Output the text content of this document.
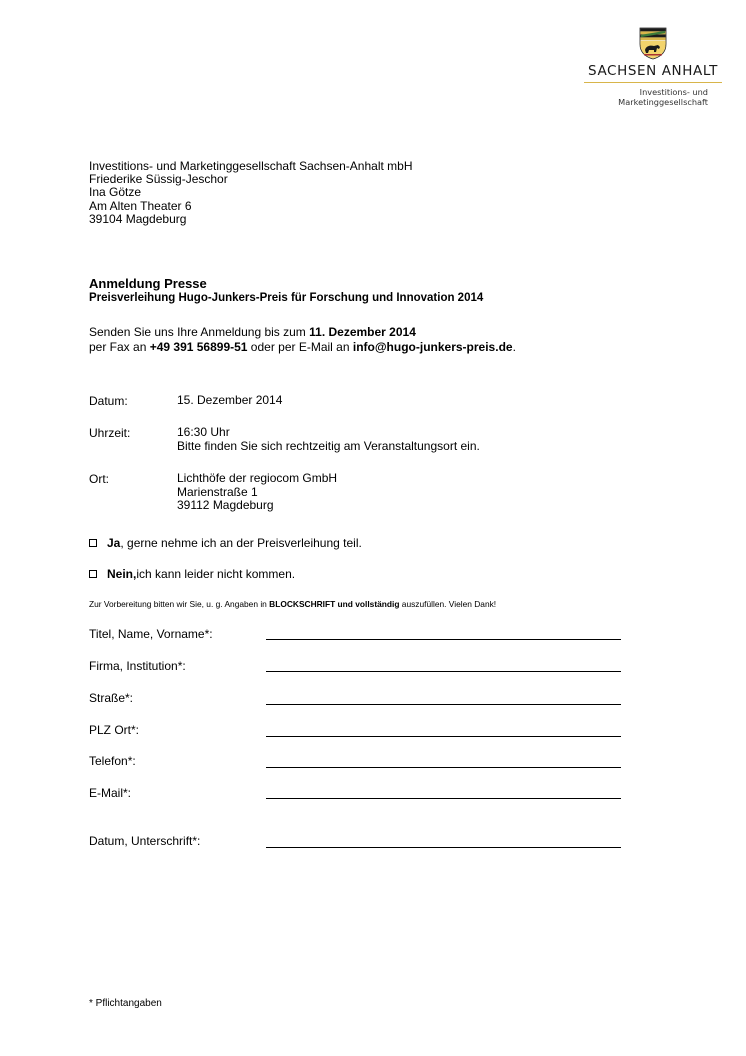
SACHSEN ANHALT
Investitions- und
Marketinggesellschaft
Investitions- und Marketinggesellschaft Sachsen-Anhalt mbH
Friederike Süssig-Jeschor
Ina Götze
Am Alten Theater 6
39104 Magdeburg
Anmeldung Presse
Preisverleihung Hugo-Junkers-Preis für Forschung und Innovation 2014
Senden Sie uns Ihre Anmeldung bis zum 11. Dezember 2014
per Fax an +49 391 56899-51 oder per E-Mail an info@hugo-junkers-preis.de.
Datum:	15. Dezember 2014
Uhrzeit:	16:30 Uhr
Bitte finden Sie sich rechtzeitig am Veranstaltungsort ein.
Ort:	Lichthöfe der regiocom GmbH
Marienstraße 1
39112 Magdeburg
Ja , gerne nehme ich an der Preisverleihung teil.
Nein, ich kann leider nicht kommen.
Zur Vorbereitung bitten wir Sie, u. g. Angaben in BLOCKSCHRIFT und vollständig auszufüllen. Vielen Dank!
Titel, Name, Vorname*:
Firma, Institution*:
Straße*:
PLZ Ort*:
Telefon*:
E-Mail*:
Datum, Unterschrift*:
* Pflichtangaben
